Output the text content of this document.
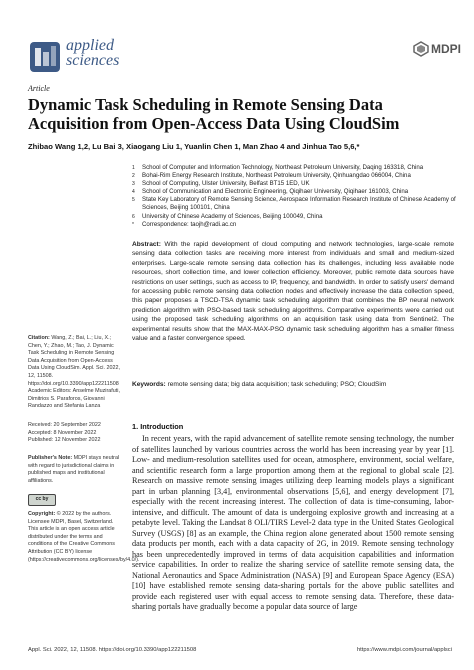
applied
sciences
MDPI
Article
Dynamic Task Scheduling in Remote Sensing Data Acquisition from Open-Access Data Using CloudSim
Zhibao Wang 1,2, Lu Bai 3, Xiaogang Liu 1, Yuanlin Chen 1, Man Zhao 4 and Jinhua Tao 5,6,*
1	School of Computer and Information Technology, Northeast Petroleum University, Daqing 163318, China
2	Bohai-Rim Energy Research Institute, Northeast Petroleum University, Qinhuangdao 066004, China
3	School of Computing, Ulster University, Belfast BT15 1ED, UK
4	School of Communication and Electronic Engineering, Qiqihaer University, Qiqihaer 161003, China
5	State Key Laboratory of Remote Sensing Science, Aerospace Information Research Institute of Chinese Academy of Sciences, Beijing 100101, China
6	University of Chinese Academy of Sciences, Beijing 100049, China
*	Correspondence: taojh@radi.ac.cn
Abstract: With the rapid development of cloud computing and network technologies, large-scale remote sensing data collection tasks are receiving more interest from individuals and small and medium-sized enterprises. Large-scale remote sensing data collection has its challenges, including less available node resources, short collection time, and lower collection efficiency. Moreover, public remote data sources have restrictions on user settings, such as access to IP, frequency, and bandwidth. In order to satisfy users' demand for accessing public remote sensing data collection nodes and effectively increase the data collection speed, this paper proposes a TSCD-TSA dynamic task scheduling algorithm that combines the BP neural network prediction algorithm with PSO-based task scheduling algorithms. Comparative experiments were carried out using the proposed task scheduling algorithms on an acquisition task using data from Sentinel2. The experimental results show that the MAX-MAX-PSO dynamic task scheduling algorithm has a smaller fitness value and a faster convergence speed.
Keywords: remote sensing data; big data acquisition; task scheduling; PSO; CloudSim
Citation: Wang, Z.; Bai, L.; Liu, X.; Chen, Y.; Zhao, M.; Tao, J. Dynamic Task Scheduling in Remote Sensing Data Acquisition from Open-Access Data Using CloudSim. Appl. Sci. 2022, 12, 11508. https://doi.org/10.3390/app122211508
Academic Editors: Anselme Muzirafuti, Dimitrios S. Paraforos, Giovanni Randazzo and Stefania Lanza
Received: 20 September 2022
Accepted: 8 November 2022
Published: 12 November 2022
Publisher's Note: MDPI stays neutral with regard to jurisdictional claims in published maps and institutional affiliations.
cc by
Copyright: © 2022 by the authors. Licensee MDPI, Basel, Switzerland. This article is an open access article distributed under the terms and conditions of the Creative Commons Attribution (CC BY) license (https://creativecommons.org/licenses/by/4.0/).
1. Introduction
In recent years, with the rapid advancement of satellite remote sensing technology, the number of satellites launched by various countries across the world has been increasing year by year [1]. Low- and medium-resolution satellites used for ocean, atmosphere, environment, social welfare, and scientific research form a large proportion among them at the regional to global scale [2]. Research on massive remote sensing images utilizing deep learning models plays a significant part in urban planning [3,4], environmental observations [5,6], and energy development [7], especially with the recent increasing interest. The collection of data is time-consuming, labor-intensive, and difficult. The amount of data is undergoing explosive growth and increasing at a petabyte level. Taking the Landsat 8 OLI/TIRS Level-2 data type in the United States Geological Survey (USGS) [8] as an example, the China region alone generated about 1500 remote sensing data products per month, each with a data capacity of 2G, in 2019. Remote sensing technology has been unprecedentedly improved in terms of data acquisition capabilities and information service capabilities. In order to realize the sharing service of satellite remote sensing data, the National Aeronautics and Space Administration (NASA) [9] and European Space Agency (ESA) [10] have established remote sensing data-sharing portals for the above public satellites and provide each registered user with equal access to remote sensing data. Therefore, these data-sharing portals have gradually become a popular data source of large
Appl. Sci. 2022, 12, 11508. https://doi.org/10.3390/app122211508	https://www.mdpi.com/journal/applsci
